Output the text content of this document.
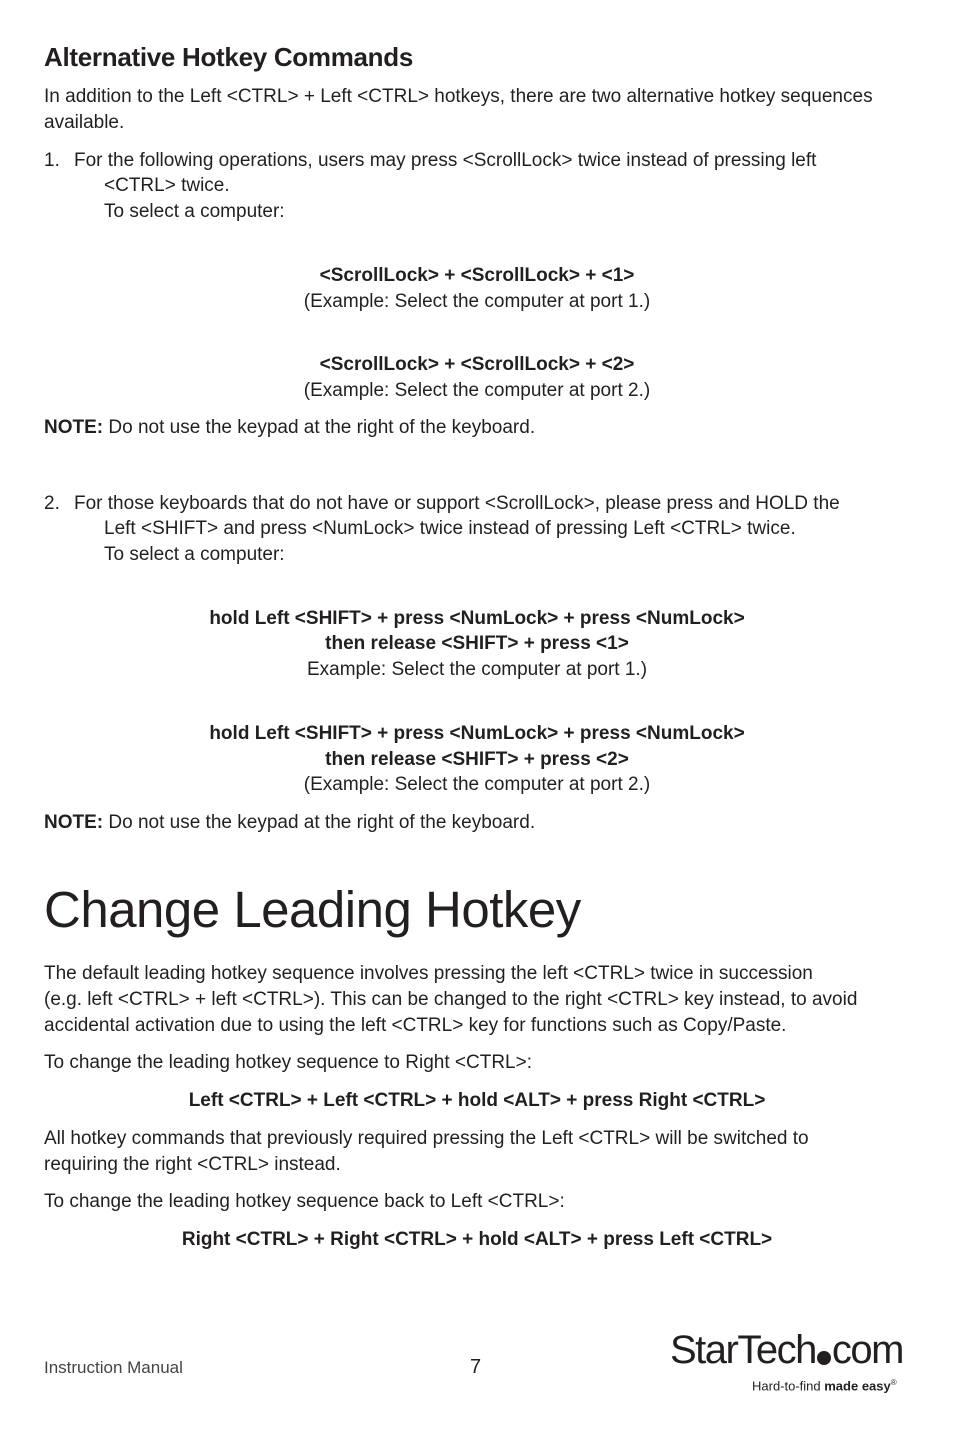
Alternative Hotkey Commands
In addition to the Left <CTRL> + Left <CTRL> hotkeys, there are two alternative hotkey sequences available.
1. For the following operations, users may press <ScrollLock> twice instead of pressing left
<CTRL> twice.
To select a computer:
<ScrollLock> + <ScrollLock> + <1>
(Example: Select the computer at port 1.)
<ScrollLock> + <ScrollLock> + <2>
(Example: Select the computer at port 2.)
NOTE: Do not use the keypad at the right of the keyboard.
2. For those keyboards that do not have or support <ScrollLock>, please press and HOLD the
Left <SHIFT> and press <NumLock> twice instead of pressing Left <CTRL> twice.
To select a computer:
hold Left <SHIFT> + press <NumLock> + press <NumLock>
then release <SHIFT> + press <1>
Example: Select the computer at port 1.)
hold Left <SHIFT> + press <NumLock> + press <NumLock>
then release <SHIFT> + press <2>
(Example: Select the computer at port 2.)
NOTE: Do not use the keypad at the right of the keyboard.
Change Leading Hotkey
The default leading hotkey sequence involves pressing the left <CTRL> twice in succession
(e.g. left <CTRL> + left <CTRL>). This can be changed to the right <CTRL> key instead, to avoid
accidental activation due to using the left <CTRL> key for functions such as Copy/Paste.
To change the leading hotkey sequence to Right <CTRL>:
Left <CTRL> + Left <CTRL> + hold <ALT> + press Right <CTRL>
All hotkey commands that previously required pressing the Left <CTRL> will be switched to
requiring the right <CTRL> instead.
To change the leading hotkey sequence back to Left <CTRL>:
Right <CTRL> + Right <CTRL> + hold <ALT> + press Left <CTRL>
Instruction Manual	7	StarTech com
Hard-to-find made easy®
